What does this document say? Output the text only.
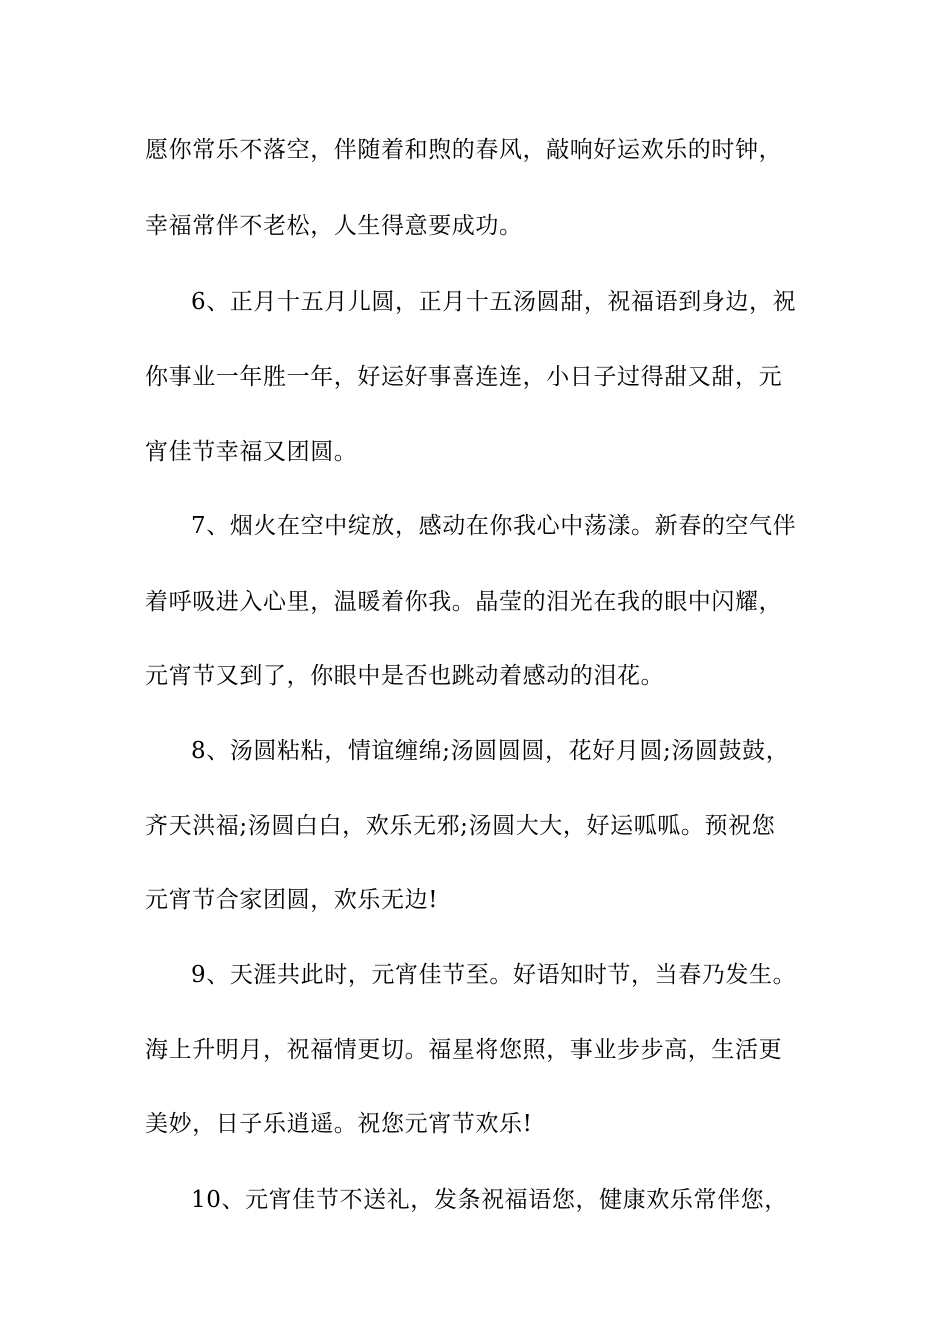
愿你常乐不落空，伴随着和煦的春风，敲响好运欢乐的时钟，
幸福常伴不老松，人生得意要成功。
6、正月十五月儿圆，正月十五汤圆甜，祝福语到身边，祝
你事业一年胜一年，好运好事喜连连，小日子过得甜又甜，元
宵佳节幸福又团圆。
7、烟火在空中绽放，感动在你我心中荡漾。新春的空气伴
着呼吸进入心里，温暖着你我。晶莹的泪光在我的眼中闪耀，
元宵节又到了，你眼中是否也跳动着感动的泪花。
8、汤圆粘粘，情谊缠绵;汤圆圆圆，花好月圆;汤圆鼓鼓，
齐天洪福;汤圆白白，欢乐无邪;汤圆大大，好运呱呱。预祝您
元宵节合家团圆，欢乐无边!
9、天涯共此时，元宵佳节至。好语知时节，当春乃发生。
海上升明月，祝福情更切。福星将您照，事业步步高，生活更
美妙，日子乐逍遥。祝您元宵节欢乐!
10、元宵佳节不送礼，发条祝福语您，健康欢乐常伴您，
